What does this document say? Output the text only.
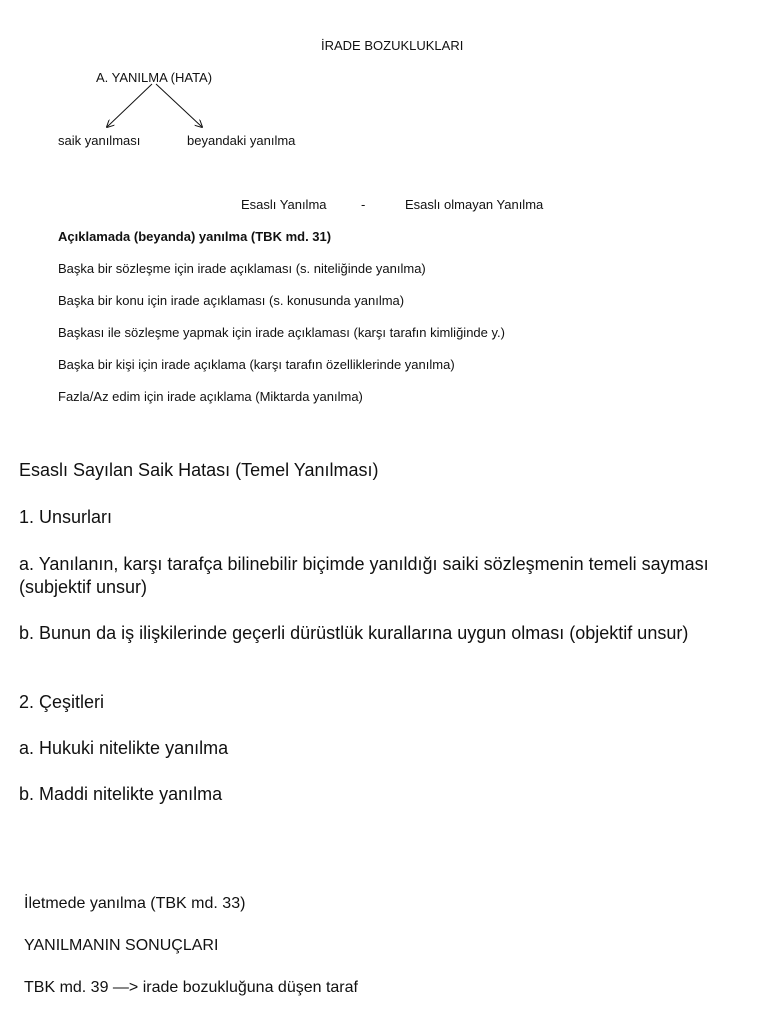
İRADE BOZUKLUKLARI
A. YANILMA (HATA)
saik yanılması	beyandaki yanılma
Esaslı Yanılma	-	Esaslı olmayan Yanılma
Açıklamada (beyanda) yanılma (TBK md. 31)
Başka bir sözleşme için irade açıklaması (s. niteliğinde yanılma)
Başka bir konu için irade açıklaması (s. konusunda yanılma)
Başkası ile sözleşme yapmak için irade açıklaması (karşı tarafın kimliğinde y.)
Başka bir kişi için irade açıklama (karşı tarafın özelliklerinde yanılma)
Fazla/Az edim için irade açıklama (Miktarda yanılma)
Esaslı Sayılan Saik Hatası (Temel Yanılması)
1. Unsurları
a. Yanılanın, karşı tarafça bilinebilir biçimde yanıldığı saiki sözleşmenin temeli sayması (subjektif unsur)
b. Bunun da iş ilişkilerinde geçerli dürüstlük kurallarına uygun olması (objektif unsur)
2. Çeşitleri
a. Hukuki nitelikte yanılma
b. Maddi nitelikte yanılma
İletmede yanılma (TBK md. 33)
YANILMANIN SONUÇLARI
TBK md. 39 —> irade bozukluğuna düşen taraf
